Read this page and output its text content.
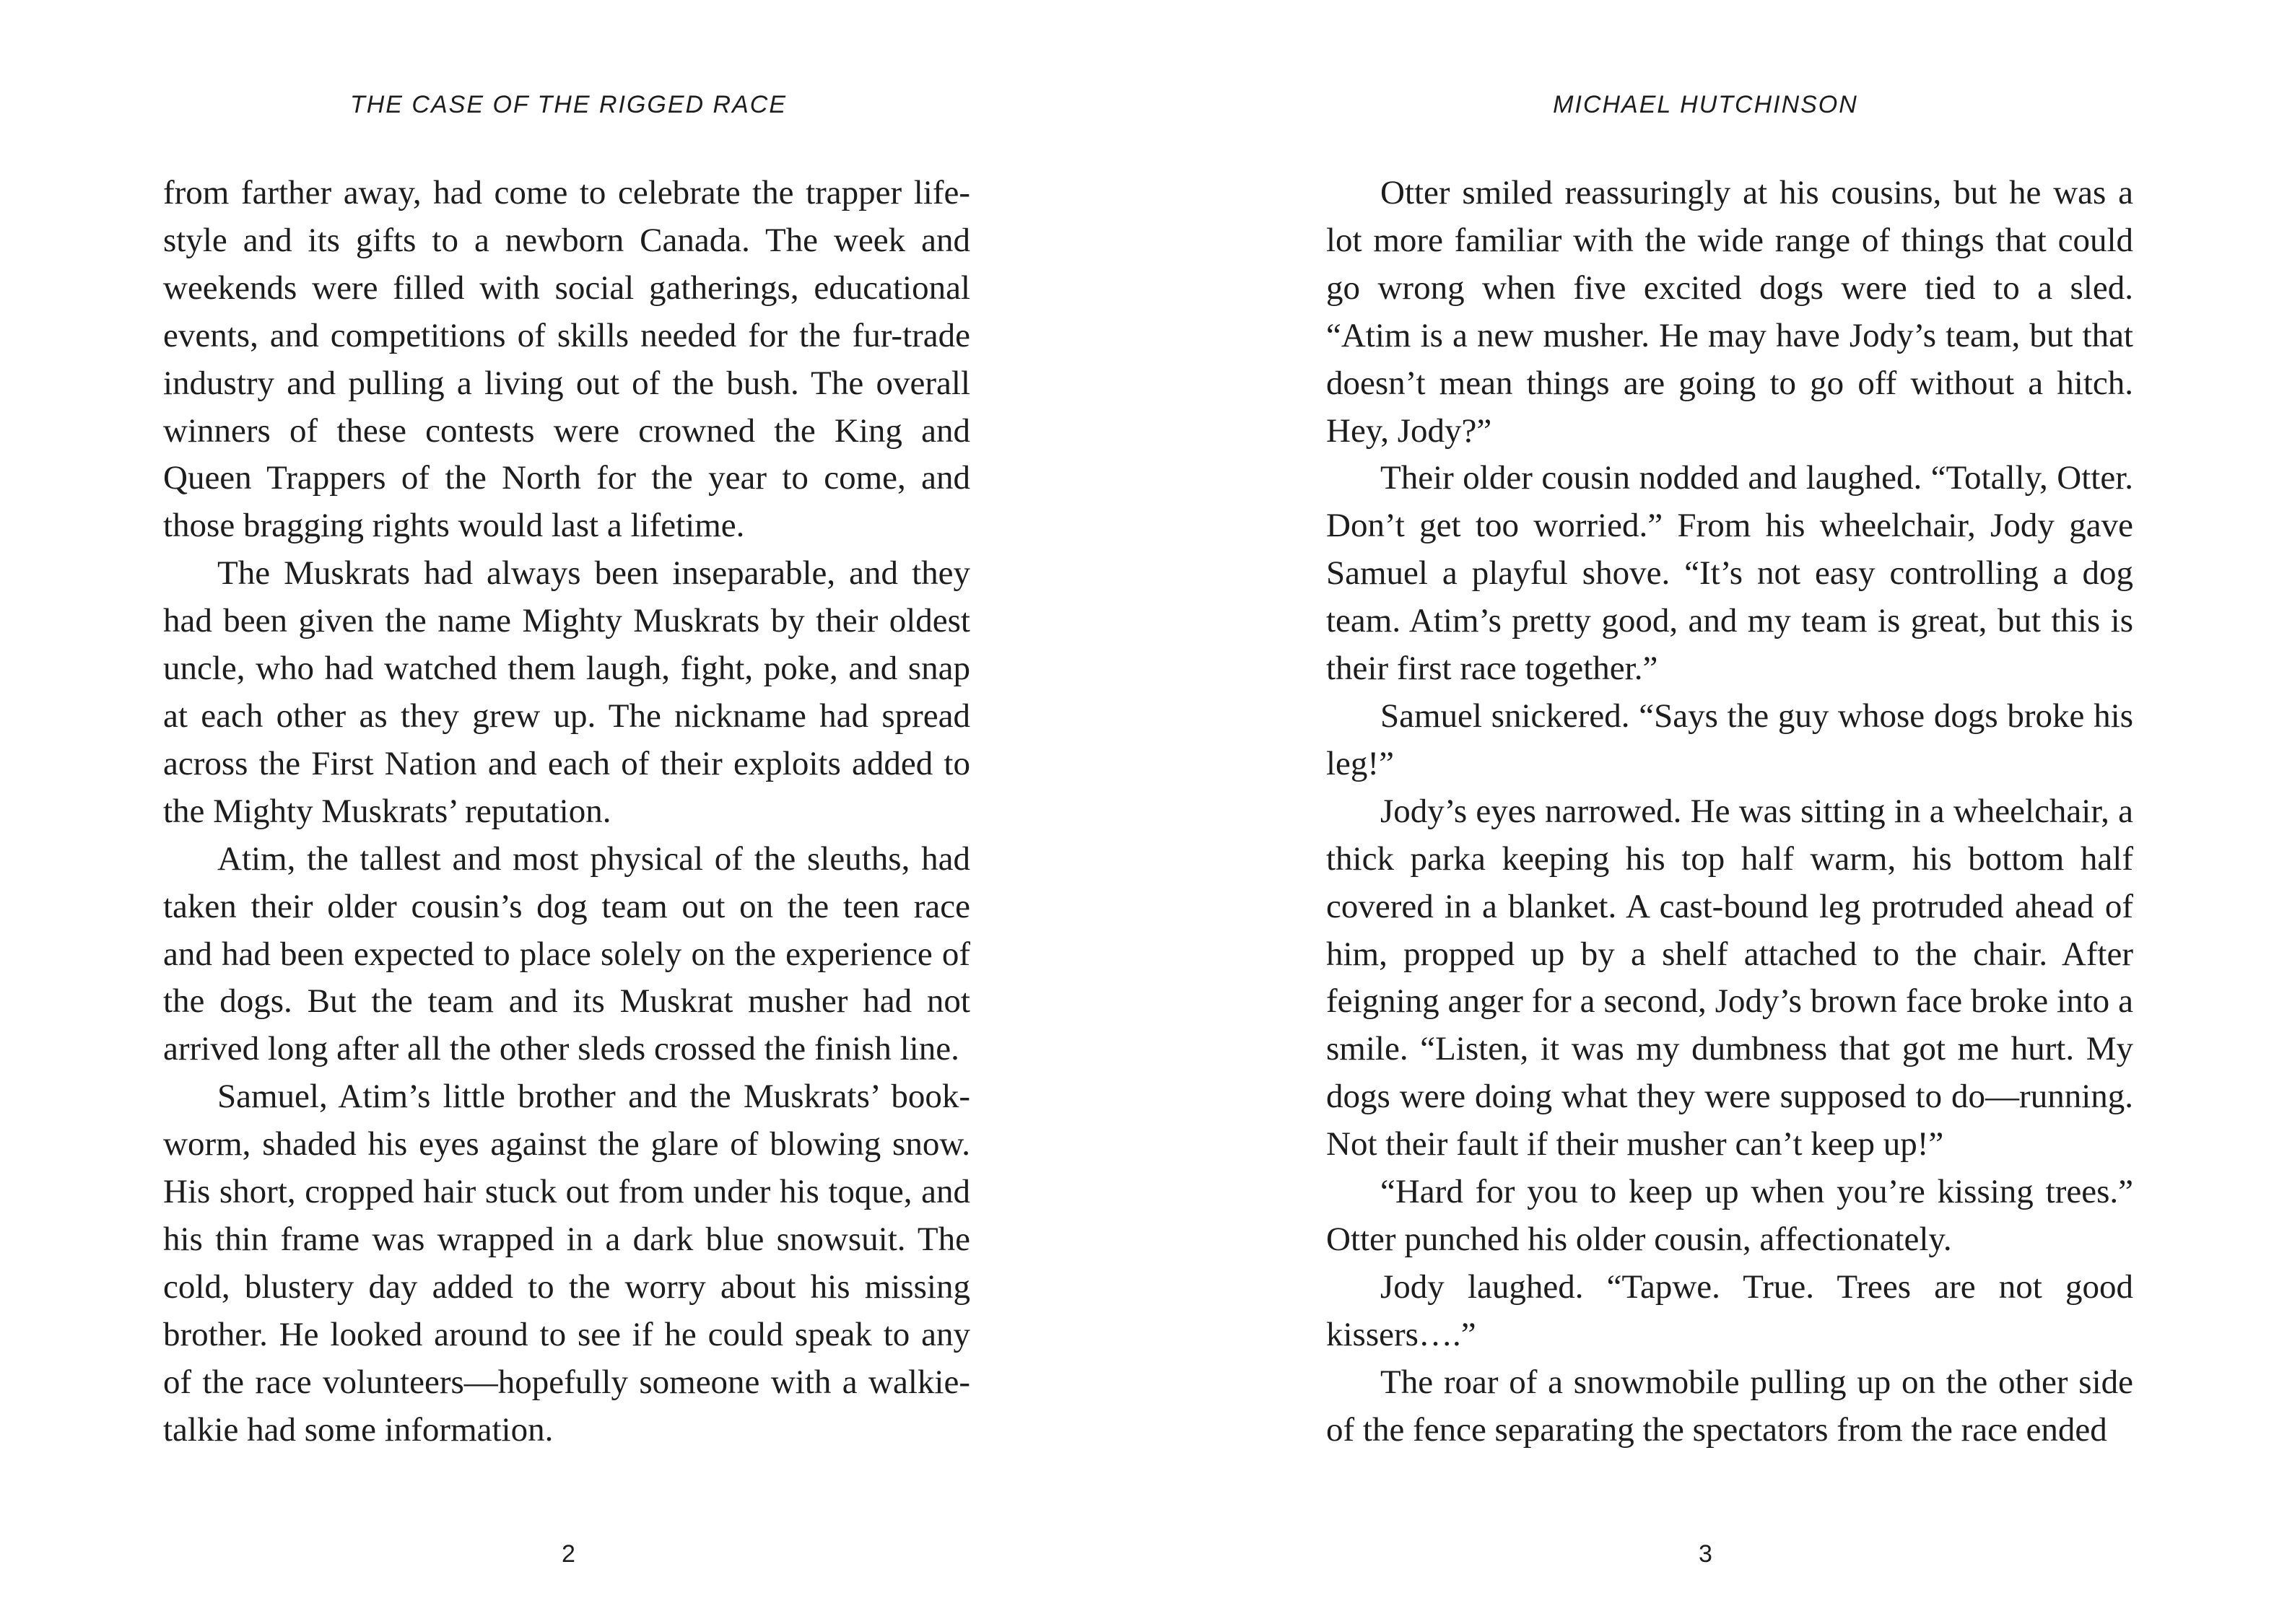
THE CASE OF THE RIGGED RACE

from farther away, had come to celebrate the trapper lifestyle and its gifts to a newborn Canada. The week and weekends were filled with social gatherings, educational events, and competitions of skills needed for the fur-trade industry and pulling a living out of the bush. The overall winners of these contests were crowned the King and Queen Trappers of the North for the year to come, and those bragging rights would last a lifetime.

The Muskrats had always been inseparable, and they had been given the name Mighty Muskrats by their oldest uncle, who had watched them laugh, fight, poke, and snap at each other as they grew up. The nickname had spread across the First Nation and each of their exploits added to the Mighty Muskrats’ reputation.

Atim, the tallest and most physical of the sleuths, had taken their older cousin’s dog team out on the teen race and had been expected to place solely on the experience of the dogs. But the team and its Muskrat musher had not arrived long after all the other sleds crossed the finish line.

Samuel, Atim’s little brother and the Muskrats’ bookworm, shaded his eyes against the glare of blowing snow. His short, cropped hair stuck out from under his toque, and his thin frame was wrapped in a dark blue snowsuit. The cold, blustery day added to the worry about his missing brother. He looked around to see if he could speak to any of the race volunteers—hopefully someone with a walkie-talkie had some information.

2
MICHAEL HUTCHINSON

Otter smiled reassuringly at his cousins, but he was a lot more familiar with the wide range of things that could go wrong when five excited dogs were tied to a sled. “Atim is a new musher. He may have Jody’s team, but that doesn’t mean things are going to go off without a hitch. Hey, Jody?”

Their older cousin nodded and laughed. “Totally, Otter. Don’t get too worried.” From his wheelchair, Jody gave Samuel a playful shove. “It’s not easy controlling a dog team. Atim’s pretty good, and my team is great, but this is their first race together.”

Samuel snickered. “Says the guy whose dogs broke his leg!”

Jody’s eyes narrowed. He was sitting in a wheelchair, a thick parka keeping his top half warm, his bottom half covered in a blanket. A cast-bound leg protruded ahead of him, propped up by a shelf attached to the chair. After feigning anger for a second, Jody’s brown face broke into a smile. “Listen, it was my dumbness that got me hurt. My dogs were doing what they were supposed to do—running. Not their fault if their musher can’t keep up!”

“Hard for you to keep up when you’re kissing trees.” Otter punched his older cousin, affectionately.

Jody laughed. “Tapwe. True. Trees are not good kissers….”

The roar of a snowmobile pulling up on the other side of the fence separating the spectators from the race ended

3
